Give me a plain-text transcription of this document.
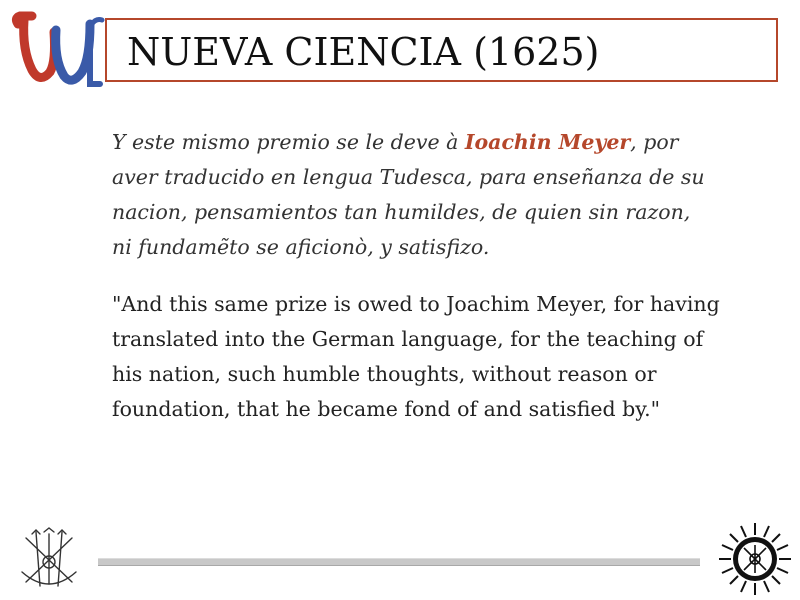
NUEVA CIENCIA (1625)

Y este mismo premio se le deve à Ioachin Meyer, por aver traducido en lengua Tudesca, para enseñanza de su nacion, pensamientos tan humildes, de quien sin razon, ni fundamẽto se aficionò, y satisfizo.

"And this same prize is owed to Joachim Meyer, for having translated into the German language, for the teaching of his nation, such humble thoughts, without reason or foundation, that he became fond of and satisfied by."
